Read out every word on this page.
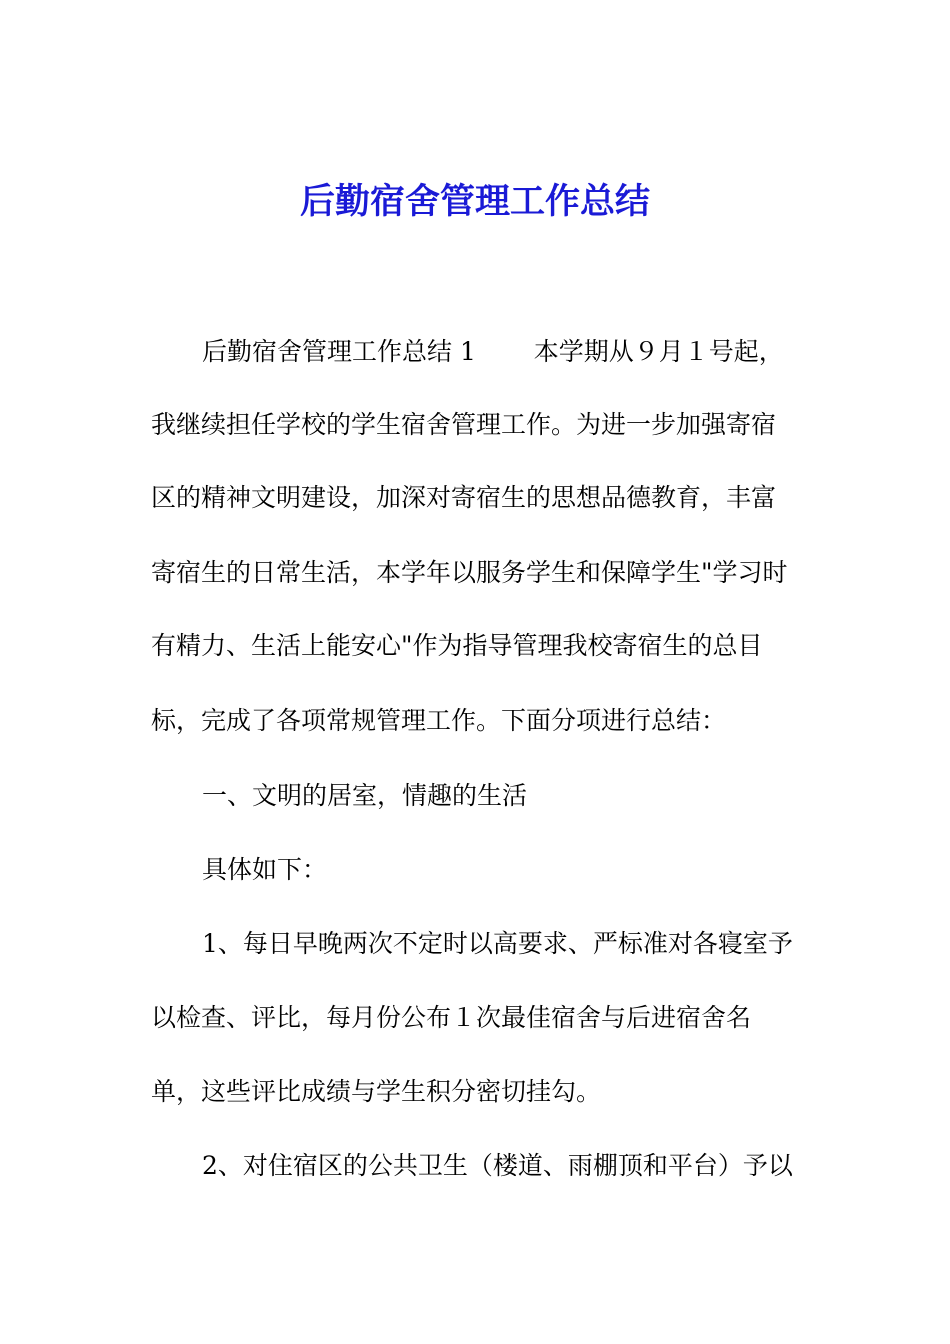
后勤宿舍管理工作总结

后勤宿舍管理工作总结 1　　 本学期从９月１号起，

我继续担任学校的学生宿舍管理工作。为进一步加强寄宿

区的精神文明建设，加深对寄宿生的思想品德教育，丰富

寄宿生的日常生活，本学年以服务学生和保障学生"学习时

有精力、生活上能安心"作为指导管理我校寄宿生的总目

标，完成了各项常规管理工作。下面分项进行总结：

一、文明的居室，情趣的生活

具体如下：

1、每日早晚两次不定时以高要求、严标准对各寝室予

以检查、评比，每月份公布１次最佳宿舍与后进宿舍名

单，这些评比成绩与学生积分密切挂勾。

2、对住宿区的公共卫生（楼道、雨棚顶和平台）予以
